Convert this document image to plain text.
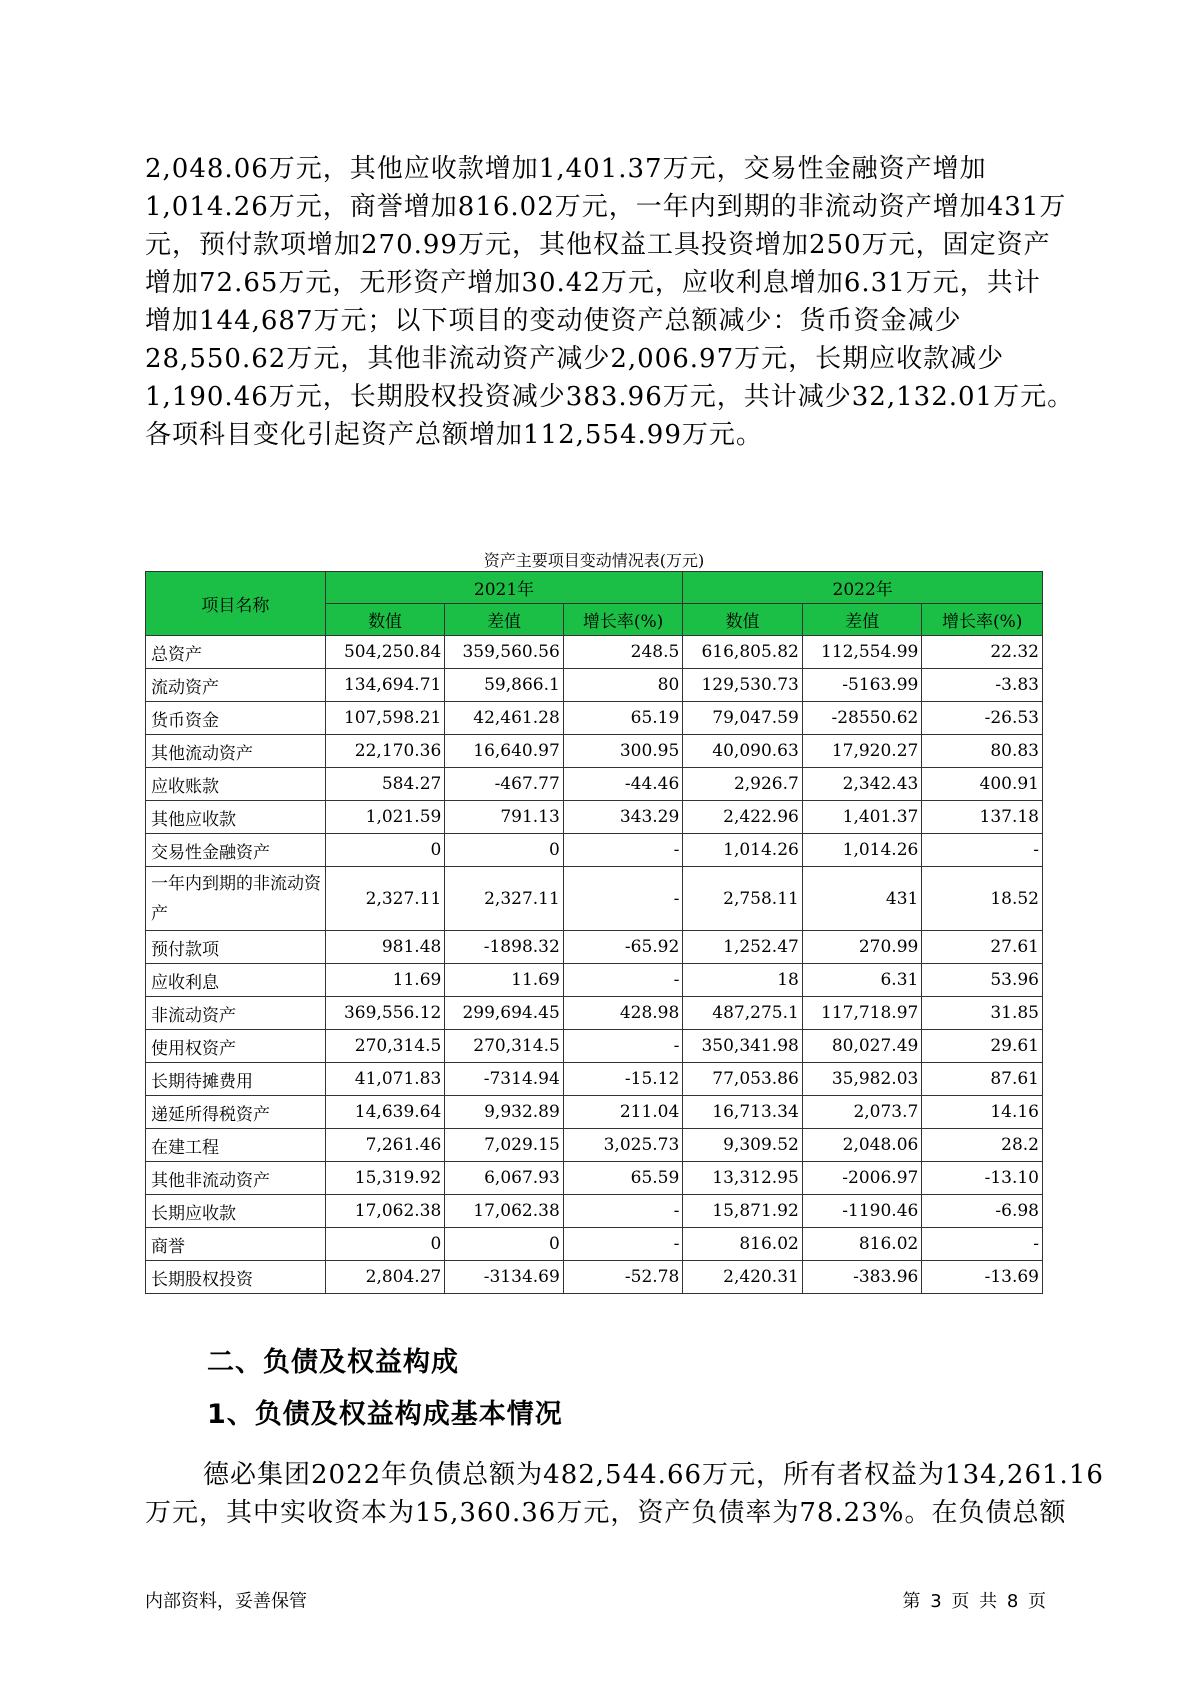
2,048.06万元，其他应收款增加1,401.37万元，交易性金融资产增加
1,014.26万元，商誉增加816.02万元，一年内到期的非流动资产增加431万
元，预付款项增加270.99万元，其他权益工具投资增加250万元，固定资产
增加72.65万元，无形资产增加30.42万元，应收利息增加6.31万元，共计
增加144,687万元；以下项目的变动使资产总额减少：货币资金减少
28,550.62万元，其他非流动资产减少2,006.97万元，长期应收款减少
1,190.46万元，长期股权投资减少383.96万元，共计减少32,132.01万元。
各项科目变化引起资产总额增加112,554.99万元。
资产主要项目变动情况表(万元)
项目名称	2021年			2022年		
	数值	差值	增长率(%)	数值	差值	增长率(%)
总资产	504,250.84	359,560.56	248.5	616,805.82	112,554.99	22.32
流动资产	134,694.71	59,866.1	80	129,530.73	-5163.99	-3.83
货币资金	107,598.21	42,461.28	65.19	79,047.59	-28550.62	-26.53
其他流动资产	22,170.36	16,640.97	300.95	40,090.63	17,920.27	80.83
应收账款	584.27	-467.77	-44.46	2,926.7	2,342.43	400.91
其他应收款	1,021.59	791.13	343.29	2,422.96	1,401.37	137.18
交易性金融资产	0	0	-	1,014.26	1,014.26	-
一年内到期的非流动资产	2,327.11	2,327.11	-	2,758.11	431	18.52
预付款项	981.48	-1898.32	-65.92	1,252.47	270.99	27.61
应收利息	11.69	11.69	-	18	6.31	53.96
非流动资产	369,556.12	299,694.45	428.98	487,275.1	117,718.97	31.85
使用权资产	270,314.5	270,314.5	-	350,341.98	80,027.49	29.61
长期待摊费用	41,071.83	-7314.94	-15.12	77,053.86	35,982.03	87.61
递延所得税资产	14,639.64	9,932.89	211.04	16,713.34	2,073.7	14.16
在建工程	7,261.46	7,029.15	3,025.73	9,309.52	2,048.06	28.2
其他非流动资产	15,319.92	6,067.93	65.59	13,312.95	-2006.97	-13.10
长期应收款	17,062.38	17,062.38	-	15,871.92	-1190.46	-6.98
商誉	0	0	-	816.02	816.02	-
长期股权投资	2,804.27	-3134.69	-52.78	2,420.31	-383.96	-13.69
二、负债及权益构成
1、负债及权益构成基本情况
德必集团2022年负债总额为482,544.66万元，所有者权益为134,261.16
万元，其中实收资本为15,360.36万元，资产负债率为78.23%。在负债总额
内部资料，妥善保管	第 3 页 共 8 页
